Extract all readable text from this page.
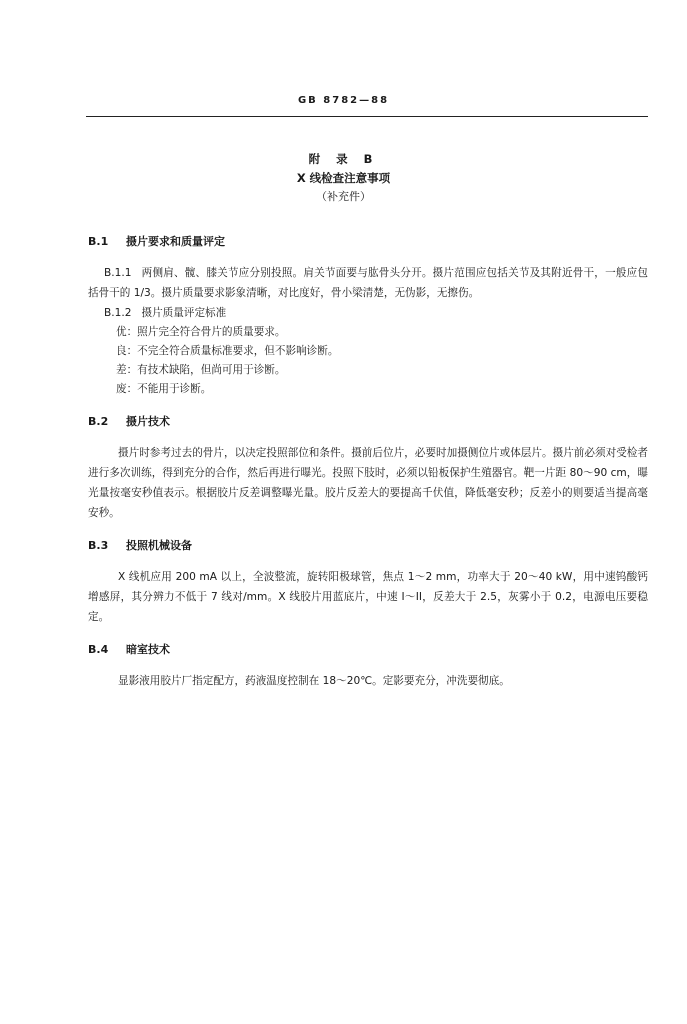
GB 8782—88
附 录 B
X 线检查注意事项
（补充件）

B.1 摄片要求和质量评定

B.1.1 两侧肩、髋、膝关节应分别投照。肩关节面要与肱骨头分开。摄片范围应包括关节及其附近骨干，一般应包括骨干的 1/3。摄片质量要求影象清晰，对比度好，骨小梁清楚，无伪影，无擦伤。

B.1.2 摄片质量评定标准

优：照片完全符合骨片的质量要求。

良：不完全符合质量标准要求，但不影响诊断。

差：有技术缺陷，但尚可用于诊断。

废：不能用于诊断。

B.2 摄片技术

摄片时参考过去的骨片，以决定投照部位和条件。摄前后位片，必要时加摄侧位片或体层片。摄片前必须对受检者进行多次训练，得到充分的合作，然后再进行曝光。投照下肢时，必须以铅板保护生殖器官。靶一片距 80～90 cm，曝光量按毫安秒值表示。根据胶片反差调整曝光量。胶片反差大的要提高千伏值，降低毫安秒；反差小的则要适当提高毫安秒。

B.3 投照机械设备

X 线机应用 200 mA 以上，全波整流，旋转阳极球管，焦点 1～2 mm，功率大于 20～40 kW，用中速钨酸钙增感屏，其分辨力不低于 7 线对/mm。X 线胶片用蓝底片，中速 I～II，反差大于 2.5，灰雾小于 0.2，电源电压要稳定。

B.4 暗室技术

显影液用胶片厂指定配方，药液温度控制在 18～20℃。定影要充分，冲洗要彻底。
